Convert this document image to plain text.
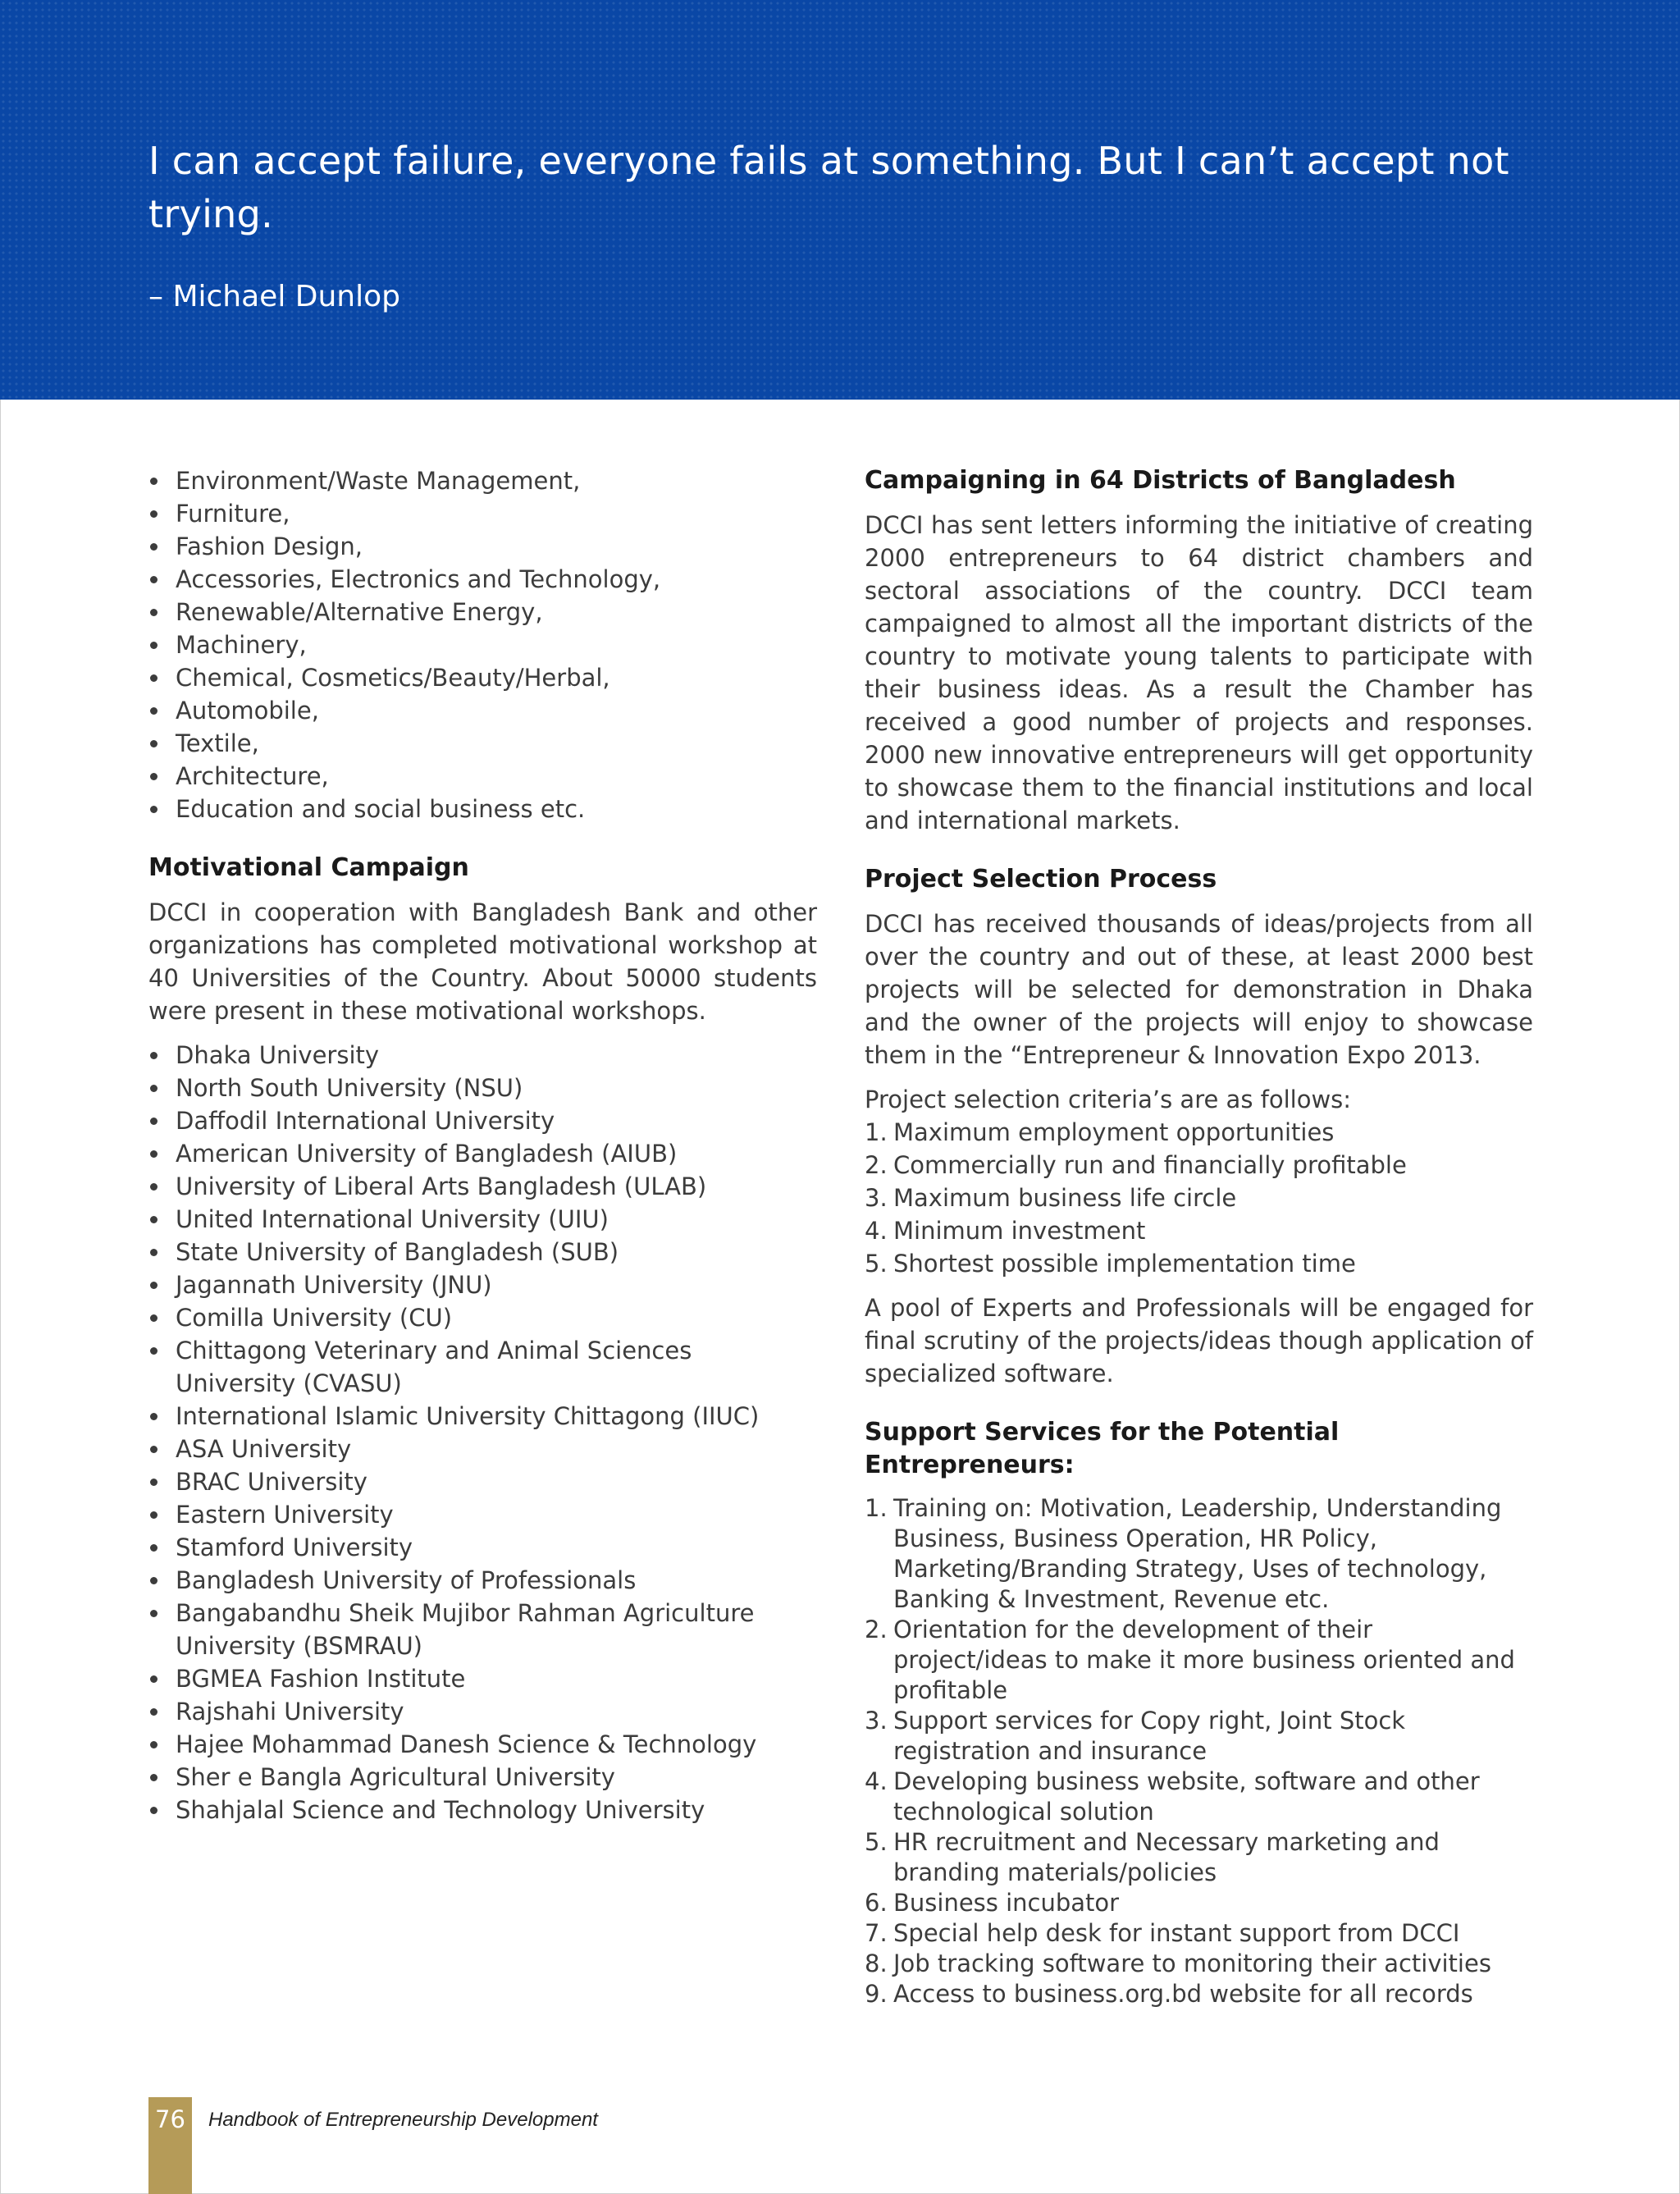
I can accept failure, everyone fails at something. But I can’t accept not trying.

– Michael Dunlop

Environment/Waste Management,
Furniture,
Fashion Design,
Accessories, Electronics and Technology,
Renewable/Alternative Energy,
Machinery,
Chemical, Cosmetics/Beauty/Herbal,
Automobile,
Textile,
Architecture,
Education and social business etc.
Motivational Campaign

DCCI in cooperation with Bangladesh Bank and other organizations has completed motivational workshop at 40 Universities of the Country. About 50000 students were present in these motivational workshops.

Dhaka University
North South University (NSU)
Daffodil International University
American University of Bangladesh (AIUB)
University of Liberal Arts Bangladesh (ULAB)
United International University (UIU)
State University of Bangladesh (SUB)
Jagannath University (JNU)
Comilla University (CU)
Chittagong Veterinary and Animal Sciences University (CVASU)
International Islamic University Chittagong (IIUC)
ASA University
BRAC University
Eastern University
Stamford University
Bangladesh University of Professionals
Bangabandhu Sheik Mujibor Rahman Agriculture University (BSMRAU)
BGMEA Fashion Institute
Rajshahi University
Hajee Mohammad Danesh Science & Technology
Sher e Bangla Agricultural University
Shahjalal Science and Technology University
Campaigning in 64 Districts of Bangladesh

DCCI has sent letters informing the initiative of creating 2000 entrepreneurs to 64 district chambers and sectoral associations of the country. DCCI team campaigned to almost all the important districts of the country to motivate young talents to participate with their business ideas. As a result the Chamber has received a good number of projects and responses. 2000 new innovative entrepreneurs will get opportunity to showcase them to the financial institutions and local and international markets.

Project Selection Process

DCCI has received thousands of ideas/projects from all over the country and out of these, at least 2000 best projects will be selected for demonstration in Dhaka and the owner of the projects will enjoy to showcase them in the “Entrepreneur & Innovation Expo 2013.

Project selection criteria’s are as follows:

1. Maximum employment opportunities
2. Commercially run and financially profitable
3. Maximum business life circle
4. Minimum investment
5. Shortest possible implementation time

A pool of Experts and Professionals will be engaged for final scrutiny of the projects/ideas though application of specialized software.

Support Services for the Potential Entrepreneurs:
1. Training on: Motivation, Leadership, Understanding Business, Business Operation, HR Policy, Marketing/Branding Strategy, Uses of technology, Banking & Investment, Revenue etc.
2. Orientation for the development of their project/ideas to make it more business oriented and profitable
3. Support services for Copy right, Joint Stock registration and insurance
4. Developing business website, software and other technological solution
5. HR recruitment and Necessary marketing and branding materials/policies
6. Business incubator
7. Special help desk for instant support from DCCI
8. Job tracking software to monitoring their activities
9. Access to business.org.bd website for all records
76	Handbook of Entrepreneurship Development
